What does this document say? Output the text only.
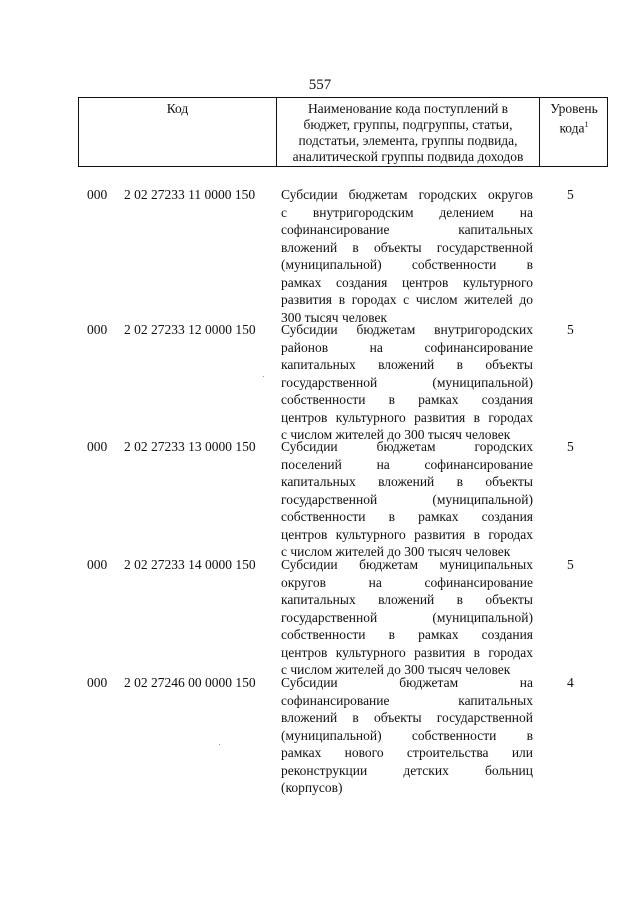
557
Код	Наименование кода поступлений в
бюджет, группы, подгруппы, статьи,
подстатьи, элемента, группы подвида,
аналитической группы подвида доходов
Уровень
кода$^1$
000	2 02 27233 11 0000 150	Субсидии бюджетам городских округов
с внутригородским делением на
софинансирование капитальных
вложений в объекты государственной
(муниципальной) собственности в
рамках создания центров культурного
развития в городах с числом жителей до
300 тысяч человек
5
000	2 02 27233 12 0000 150	Субсидии бюджетам внутригородских
районов на софинансирование
капитальных вложений в объекты
государственной (муниципальной)
собственности в рамках создания
центров культурного развития в городах
с числом жителей до 300 тысяч человек
5
000	2 02 27233 13 0000 150	Субсидии бюджетам городских
поселений на софинансирование
капитальных вложений в объекты
государственной (муниципальной)
собственности в рамках создания
центров культурного развития в городах
с числом жителей до 300 тысяч человек
5
000	2 02 27233 14 0000 150	Субсидии бюджетам муниципальных
округов на софинансирование
капитальных вложений в объекты
государственной (муниципальной)
собственности в рамках создания
центров культурного развития в городах
с числом жителей до 300 тысяч человек
5
000	2 02 27246 00 0000 150	Субсидии бюджетам на
софинансирование капитальных
вложений в объекты государственной
(муниципальной) собственности в
рамках нового строительства или
реконструкции детских больниц
(корпусов)
4
